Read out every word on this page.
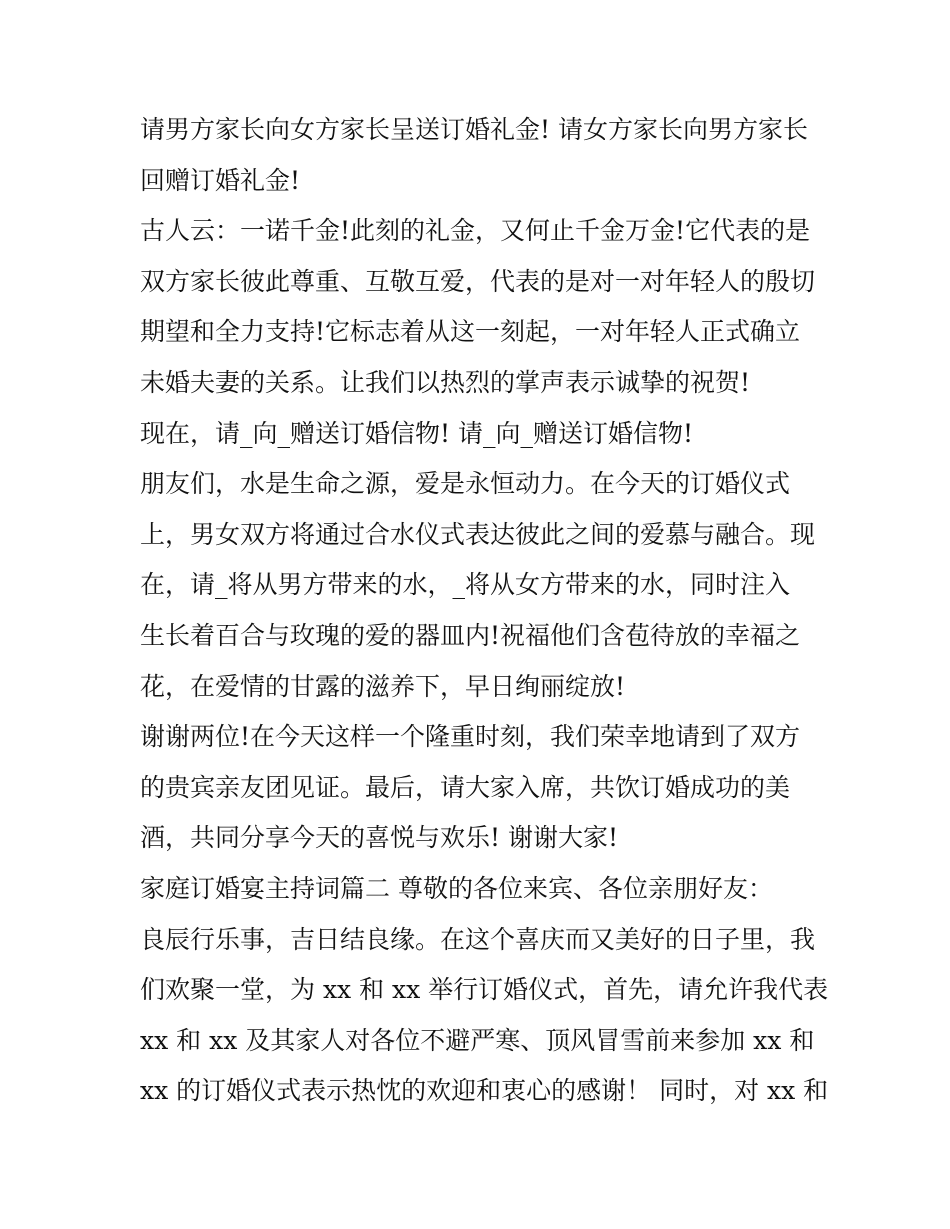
请男方家长向女方家长呈送订婚礼金! 请女方家长向男方家长
回赠订婚礼金!
古人云：一诺千金!此刻的礼金，又何止千金万金!它代表的是
双方家长彼此尊重、互敬互爱，代表的是对一对年轻人的殷切
期望和全力支持!它标志着从这一刻起，一对年轻人正式确立
未婚夫妻的关系。让我们以热烈的掌声表示诚挚的祝贺!
现在，请_向_赠送订婚信物! 请_向_赠送订婚信物!
朋友们，水是生命之源，爱是永恒动力。在今天的订婚仪式
上，男女双方将通过合水仪式表达彼此之间的爱慕与融合。现
在，请_将从男方带来的水，_将从女方带来的水，同时注入
生长着百合与玫瑰的爱的器皿内!祝福他们含苞待放的幸福之
花，在爱情的甘露的滋养下，早日绚丽绽放!
谢谢两位!在今天这样一个隆重时刻，我们荣幸地请到了双方
的贵宾亲友团见证。最后，请大家入席，共饮订婚成功的美
酒，共同分享今天的喜悦与欢乐! 谢谢大家!
家庭订婚宴主持词篇二 尊敬的各位来宾、各位亲朋好友：
良辰行乐事，吉日结良缘。在这个喜庆而又美好的日子里，我
们欢聚一堂，为 xx 和 xx 举行订婚仪式，首先，请允许我代表
xx 和 xx 及其家人对各位不避严寒、顶风冒雪前来参加 xx 和
xx 的订婚仪式表示热忱的欢迎和衷心的感谢！ 同时，对 xx 和
